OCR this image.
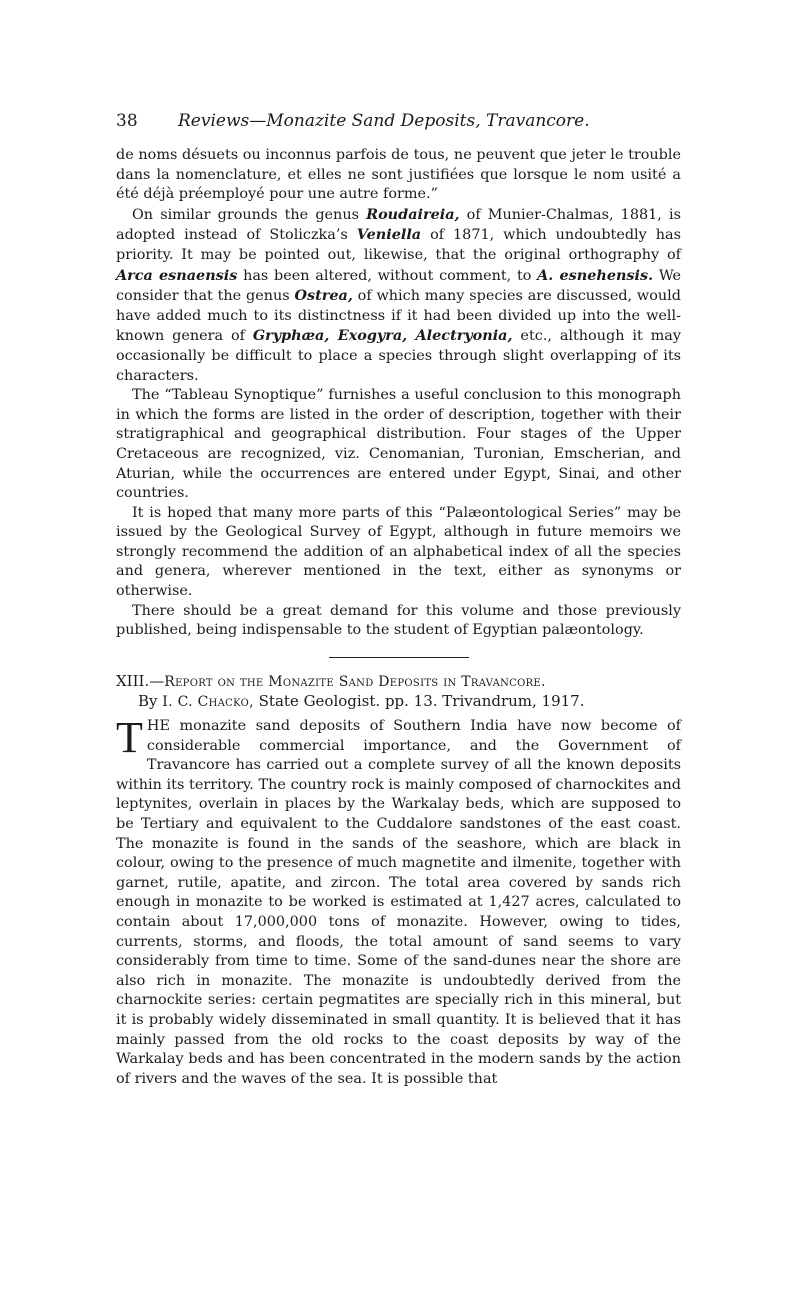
38 Reviews—Monazite Sand Deposits, Travancore.

de noms désuets ou inconnus parfois de tous, ne peuvent que jeter le trouble dans la nomenclature, et elles ne sont justifiées que lorsque le nom usité a été déjà préemployé pour une autre forme.”

On similar grounds the genus Roudaireia, of Munier-Chalmas, 1881, is adopted instead of Stoliczka’s Veniella of 1871, which undoubtedly has priority. It may be pointed out, likewise, that the original orthography of Arca esnaensis has been altered, without comment, to A. esnehensis. We consider that the genus Ostrea, of which many species are discussed, would have added much to its distinctness if it had been divided up into the well-known genera of Gryphæa, Exogyra, Alectryonia, etc., although it may occasionally be difficult to place a species through slight overlapping of its characters.

The “Tableau Synoptique” furnishes a useful conclusion to this monograph in which the forms are listed in the order of description, together with their stratigraphical and geographical distribution. Four stages of the Upper Cretaceous are recognized, viz. Cenomanian, Turonian, Emscherian, and Aturian, while the occurrences are entered under Egypt, Sinai, and other countries.

It is hoped that many more parts of this “Palæontological Series” may be issued by the Geological Survey of Egypt, although in future memoirs we strongly recommend the addition of an alphabetical index of all the species and genera, wherever mentioned in the text, either as synonyms or otherwise.

There should be a great demand for this volume and those previously published, being indispensable to the student of Egyptian palæontology.

XIII.—Report on the Monazite Sand Deposits in Travancore.

By I. C. Chacko, State Geologist. pp. 13. Trivandrum, 1917.

THE monazite sand deposits of Southern India have now become of considerable commercial importance, and the Government of Travancore has carried out a complete survey of all the known deposits within its territory. The country rock is mainly composed of charnockites and leptynites, overlain in places by the Warkalay beds, which are supposed to be Tertiary and equivalent to the Cuddalore sandstones of the east coast. The monazite is found in the sands of the seashore, which are black in colour, owing to the presence of much magnetite and ilmenite, together with garnet, rutile, apatite, and zircon. The total area covered by sands rich enough in monazite to be worked is estimated at 1,427 acres, calculated to contain about 17,000,000 tons of monazite. However, owing to tides, currents, storms, and floods, the total amount of sand seems to vary considerably from time to time. Some of the sand-dunes near the shore are also rich in monazite. The monazite is undoubtedly derived from the charnockite series: certain pegmatites are specially rich in this mineral, but it is probably widely disseminated in small quantity. It is believed that it has mainly passed from the old rocks to the coast deposits by way of the Warkalay beds and has been concentrated in the modern sands by the action of rivers and the waves of the sea. It is possible that
